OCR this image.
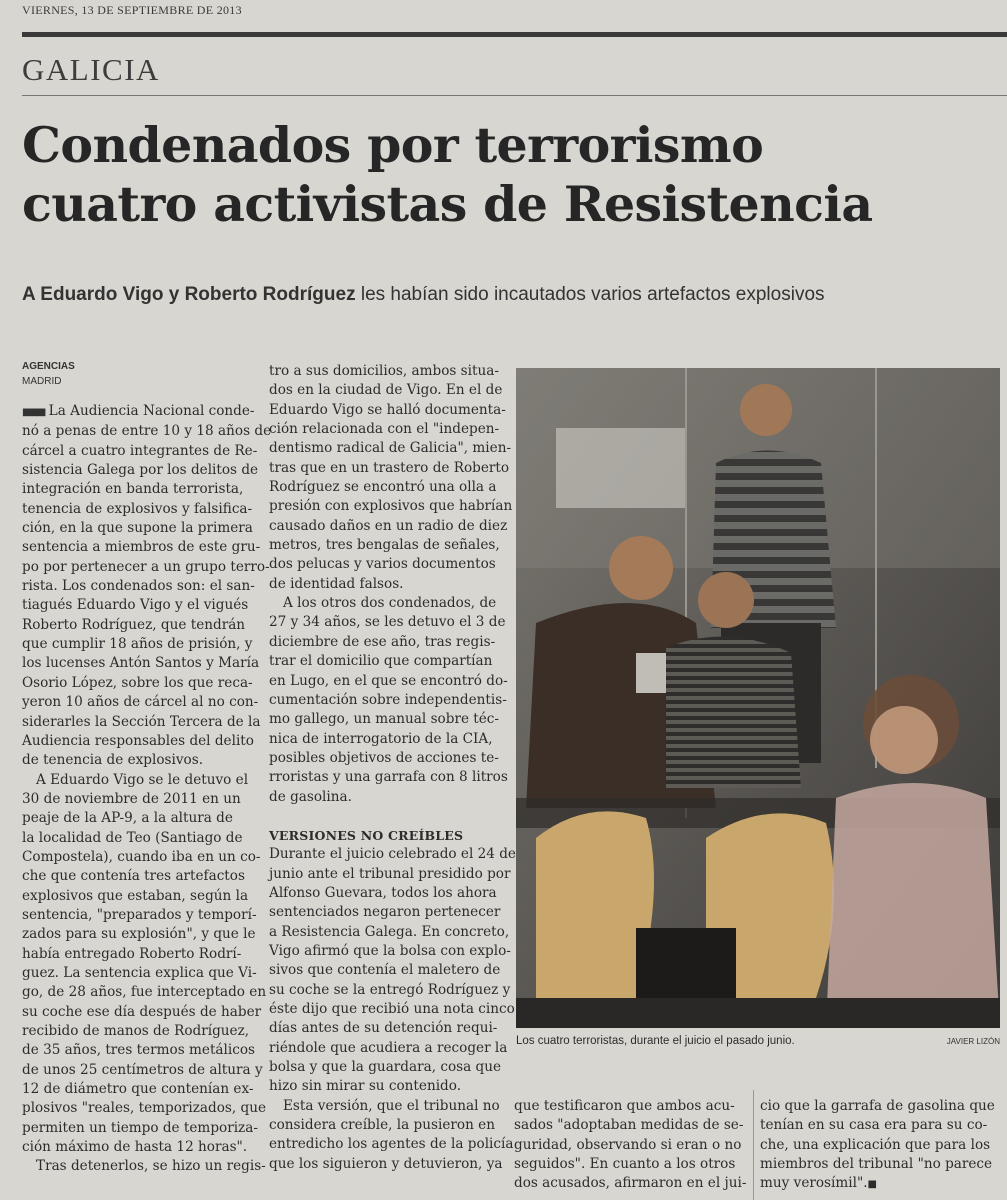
VIERNES, 13 DE SEPTIEMBRE DE 2013
GALICIA
Condenados por terrorismo
cuatro activistas de Resistencia
A Eduardo Vigo y Roberto Rodríguez les habían sido incautados varios artefactos explosivos
AGENCIAS
MADRID

■■■ La Audiencia Nacional conde-

nó a penas de entre 10 y 18 años de

cárcel a cuatro integrantes de Re-

sistencia Galega por los delitos de

integración en banda terrorista,

tenencia de explosivos y falsifica-

ción, en la que supone la primera

sentencia a miembros de este gru-

po por pertenecer a un grupo terro-

rista. Los condenados son: el san-

tiagués Eduardo Vigo y el vigués

Roberto Rodríguez, que tendrán

que cumplir 18 años de prisión, y

los lucenses Antón Santos y María

Osorio López, sobre los que reca-

yeron 10 años de cárcel al no con-

siderarles la Sección Tercera de la

Audiencia responsables del delito

de tenencia de explosivos.

A Eduardo Vigo se le detuvo el

30 de noviembre de 2011 en un

peaje de la AP-9, a la altura de

la localidad de Teo (Santiago de

Compostela), cuando iba en un co-

che que contenía tres artefactos

explosivos que estaban, según la

sentencia, "preparados y temporí-

zados para su explosión", y que le

había entregado Roberto Rodrí-

guez. La sentencia explica que Vi-

go, de 28 años, fue interceptado en

su coche ese día después de haber

recibido de manos de Rodríguez,

de 35 años, tres termos metálicos

de unos 25 centímetros de altura y

12 de diámetro que contenían ex-

plosivos "reales, temporizados, que

permiten un tiempo de temporiza-

ción máximo de hasta 12 horas".

Tras detenerlos, se hizo un regis-

tro a sus domicilios, ambos situa-

dos en la ciudad de Vigo. En el de

Eduardo Vigo se halló documenta-

ción relacionada con el "indepen-

dentismo radical de Galicia", mien-

tras que en un trastero de Roberto

Rodríguez se encontró una olla a

presión con explosivos que habrían

causado daños en un radio de diez

metros, tres bengalas de señales,

dos pelucas y varios documentos

de identidad falsos.

A los otros dos condenados, de

27 y 34 años, se les detuvo el 3 de

diciembre de ese año, tras regis-

trar el domicilio que compartían

en Lugo, en el que se encontró do-

cumentación sobre independentis-

mo gallego, un manual sobre téc-

nica de interrogatorio de la CIA,

posibles objetivos de acciones te-

rroristas y una garrafa con 8 litros

de gasolina.

VERSIONES NO CREÍBLES

Durante el juicio celebrado el 24 de

junio ante el tribunal presidido por

Alfonso Guevara, todos los ahora

sentenciados negaron pertenecer

a Resistencia Galega. En concreto,

Vigo afirmó que la bolsa con explo-

sivos que contenía el maletero de

su coche se la entregó Rodríguez y

éste dijo que recibió una nota cinco

días antes de su detención requi-

riéndole que acudiera a recoger la

bolsa y que la guardara, cosa que

hizo sin mirar su contenido.

Esta versión, que el tribunal no

considera creíble, la pusieron en

entredicho los agentes de la policía

que los siguieron y detuvieron, ya

que testificaron que ambos acu-

sados "adoptaban medidas de se-

guridad, observando si eran o no

seguidos". En cuanto a los otros

dos acusados, afirmaron en el jui-

cio que la garrafa de gasolina que

tenían en su casa era para su co-

che, una explicación que para los

miembros del tribunal "no parece

muy verosímil".■

Los cuatro terroristas, durante el juicio el pasado junio.	JAVIER LIZÓN
